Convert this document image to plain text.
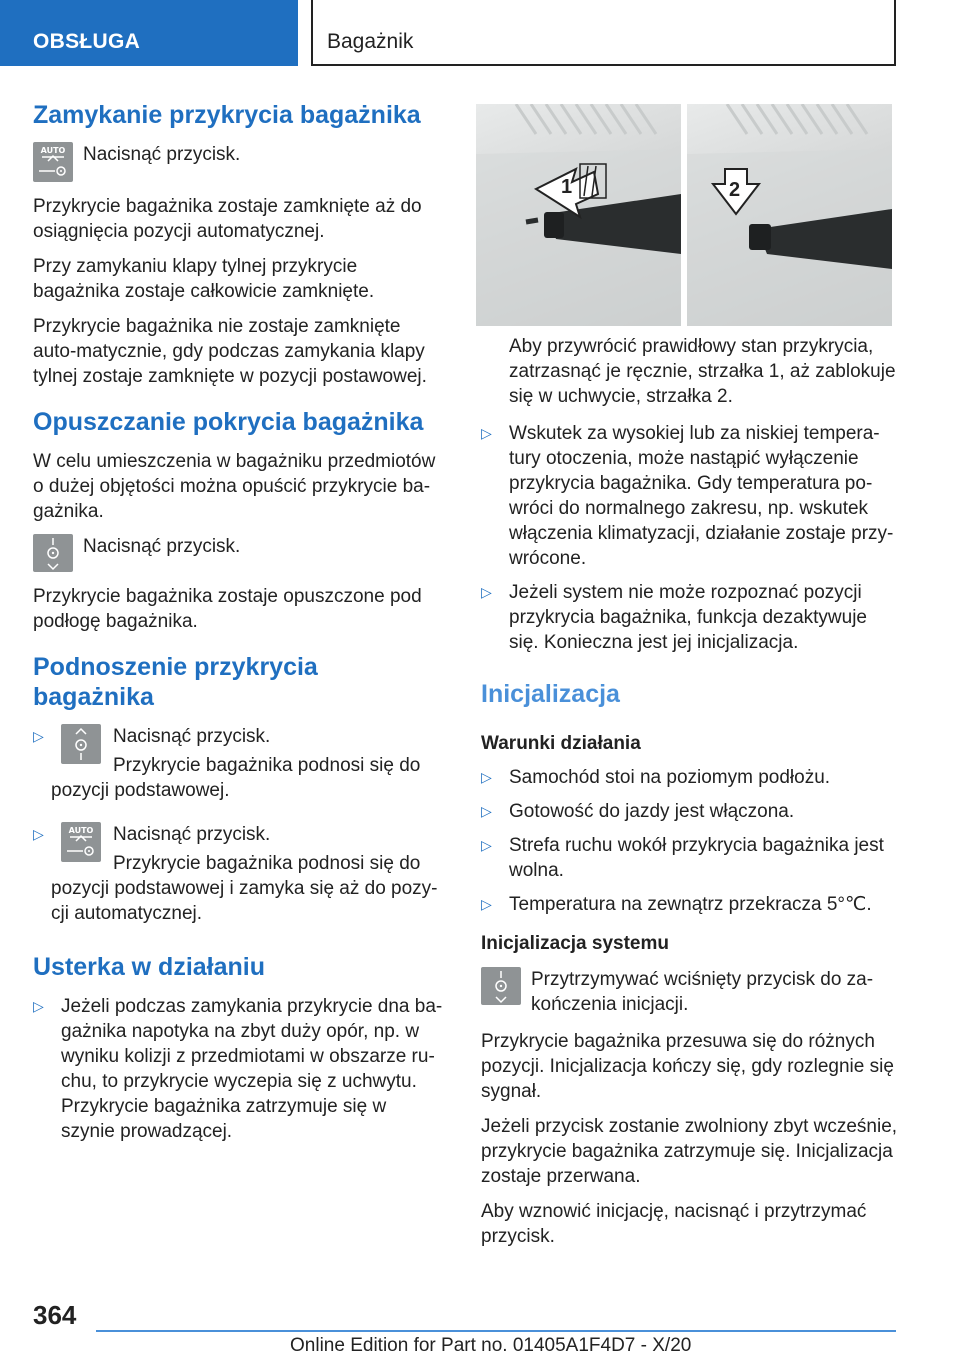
OBSŁUGA	Bagażnik
Zamykanie przykrycia bagażnika
AUTO Nacisnąć przycisk.

Przykrycie bagażnika zostaje zamknięte aż do osiągnięcia pozycji automatycznej.

Przy zamykaniu klapy tylnej przykrycie bagażnika zostaje całkowicie zamknięte.

Przykrycie bagażnika nie zostaje zamknięte auto-matycznie, gdy podczas zamykania klapy tylnej zostaje zamknięte w pozycji postawowej.

Opuszczanie pokrycia bagażnika

W celu umieszczenia w bagażniku przedmiotów o dużej objętości można opuścić przykrycie ba-gażnika.

Nacisnąć przycisk.

Przykrycie bagażnika zostaje opuszczone pod podłogę bagażnika.

Podnoszenie przykrycia bagażnika

▷ Nacisnąć przycisk.

Przykrycie bagażnika podnosi się do pozycji podstawowej.

▷ AUTO Nacisnąć przycisk.

Przykrycie bagażnika podnosi się do pozycji podstawowej i zamyka się aż do pozy-cji automatycznej.

Usterka w działaniu
▷ Jeżeli podczas zamykania przykrycie dna ba-gażnika napotyka na zbyt duży opór, np. w wyniku kolizji z przedmiotami w obszarze ru-chu, to przykrycie wyczepia się z uchwytu. Przykrycie bagażnika zatrzymuje się w szynie prowadzącej.
1	2

Aby przywrócić prawidłowy stan przykrycia, zatrzasnąć je ręcznie, strzałka 1, aż zablokuje się w uchwycie, strzałka 2.

▷ Wskutek za wysokiej lub za niskiej tempera-tury otoczenia, może nastąpić wyłączenie przykrycia bagażnika. Gdy temperatura po-wróci do normalnego zakresu, np. wskutek włączenia klimatyzacji, działanie zostaje przy-wrócone.
▷ Jeżeli system nie może rozpoznać pozycji przykrycia bagażnika, funkcja dezaktywuje się. Konieczna jest jej inicjalizacja.
Inicjalizacja
Warunki działania
▷ Samochód stoi na poziomym podłożu.
▷ Gotowość do jazdy jest włączona.
▷ Strefa ruchu wokół przykrycia bagażnika jest wolna.
▷ Temperatura na zewnątrz przekracza 5°℃.
Inicjalizacja systemu

Przytrzymywać wciśnięty przycisk do za-kończenia inicjacji.

Przykrycie bagażnika przesuwa się do różnych pozycji. Inicjalizacja kończy się, gdy rozlegnie się sygnał.

Jeżeli przycisk zostanie zwolniony zbyt wcześnie, przykrycie bagażnika zatrzymuje się. Inicjalizacja zostaje przerwana.

Aby wznowić inicjację, nacisnąć i przytrzymać przycisk.

364
Online Edition for Part no. 01405A1F4D7 - X/20
